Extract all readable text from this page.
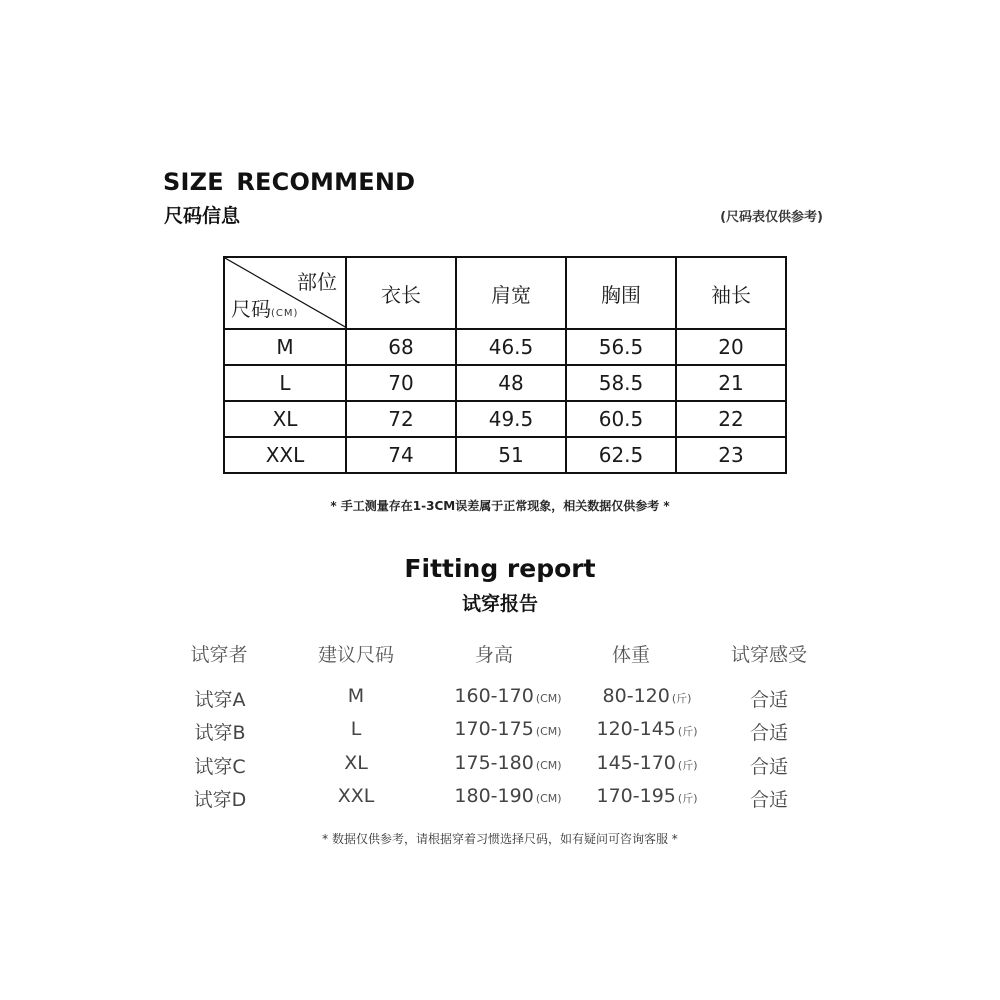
SIZE RECOMMEND
尺码信息	(尺码表仅供参考)
部位
尺码(CM)	衣长	肩宽	胸围	袖长
M	68	46.5	56.5	20
L	70	48	58.5	21
XL	72	49.5	60.5	22
XXL	74	51	62.5	23
* 手工测量存在1-3CM误差属于正常现象，相关数据仅供参考 *
Fitting report
试穿报告
试穿者	建议尺码	身高	体重	试穿感受
试穿A	M	160-170 (CM) 80-120 (斤)	合适
试穿B	L	170-175 (CM) 120-145 (斤)	合适
试穿C	XL	175-180 (CM) 145-170 (斤)	合适
试穿D	XXL	180-190 (CM) 170-195 (斤)	合适
* 数据仅供参考，请根据穿着习惯选择尺码，如有疑问可咨询客服 *
